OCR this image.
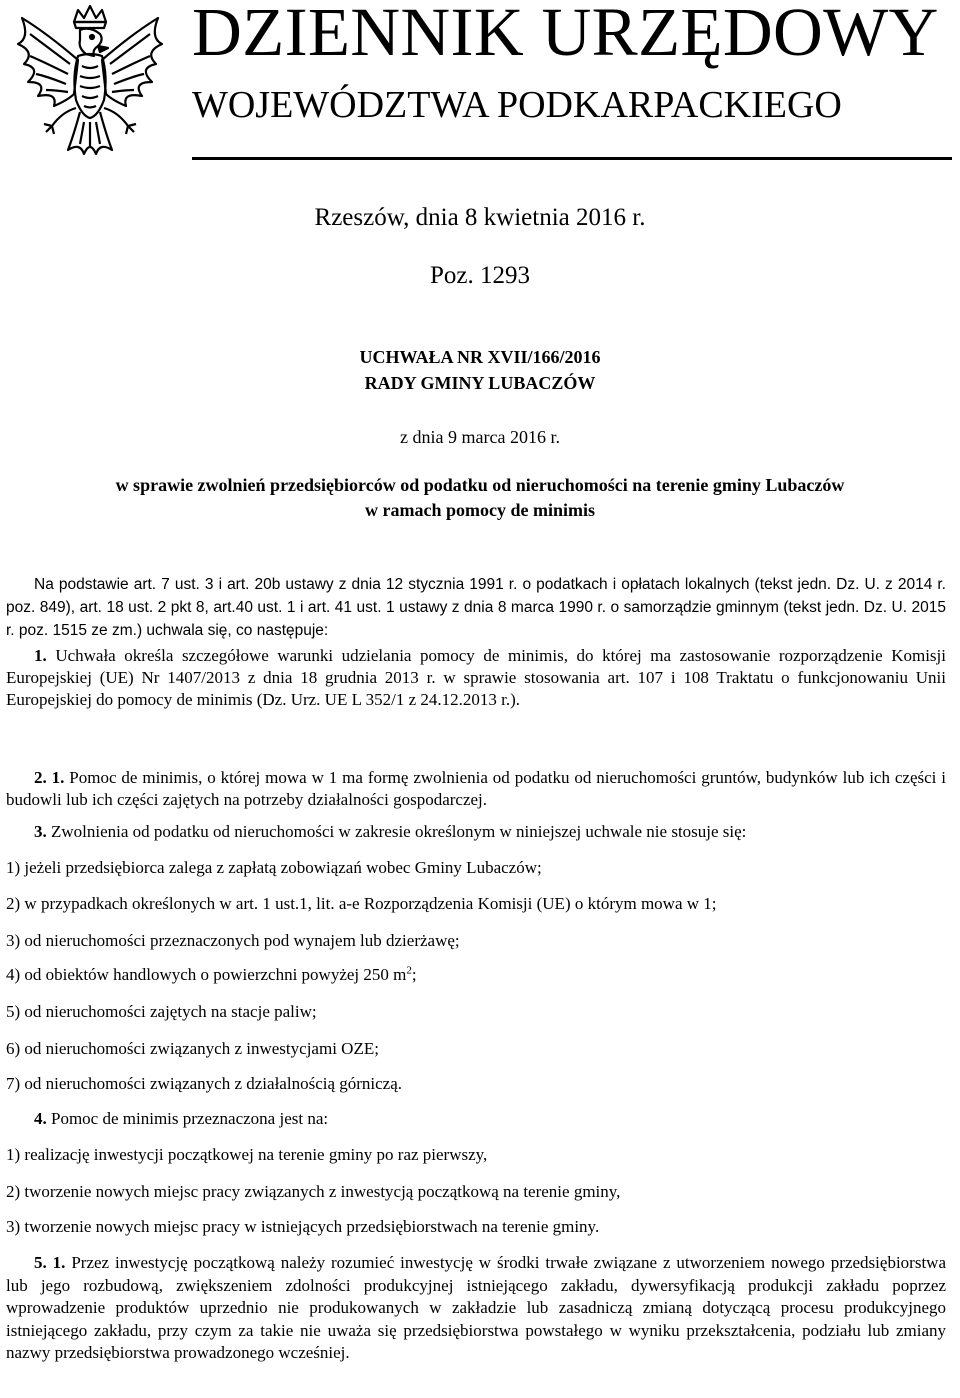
DZIENNIK URZĘDOWY
WOJEWÓDZTWA PODKARPACKIEGO
Rzeszów, dnia 8 kwietnia 2016 r.
Poz. 1293
UCHWAŁA NR XVII/166/2016
RADY GMINY LUBACZÓW
z dnia 9 marca 2016 r.
w sprawie zwolnień przedsiębiorców od podatku od nieruchomości na terenie gminy Lubaczów
w ramach pomocy de minimis
Na podstawie art. 7 ust. 3 i art. 20b ustawy z dnia 12 stycznia 1991 r. o podatkach i opłatach lokalnych (tekst jedn. Dz. U. z 2014 r. poz. 849), art. 18 ust. 2 pkt 8, art.40 ust. 1 i art. 41 ust. 1 ustawy z dnia 8 marca 1990 r. o samorządzie gminnym (tekst jedn. Dz. U. 2015 r. poz. 1515 ze zm.) uchwala się, co następuje:
1. Uchwała określa szczegółowe warunki udzielania pomocy de minimis, do której ma zastosowanie rozporządzenie Komisji Europejskiej (UE) Nr 1407/2013 z dnia 18 grudnia 2013 r. w sprawie stosowania art. 107 i 108 Traktatu o funkcjonowaniu Unii Europejskiej do pomocy de minimis (Dz. Urz. UE L 352/1 z 24.12.2013 r.).
2. 1. Pomoc de minimis, o której mowa w 1 ma formę zwolnienia od podatku od nieruchomości gruntów, budynków lub ich części i budowli lub ich części zajętych na potrzeby działalności gospodarczej.
3. Zwolnienia od podatku od nieruchomości w zakresie określonym w niniejszej uchwale nie stosuje się:
1) jeżeli przedsiębiorca zalega z zapłatą zobowiązań wobec Gminy Lubaczów;
2) w przypadkach określonych w art. 1 ust.1, lit. a-e Rozporządzenia Komisji (UE) o którym mowa w 1;
3) od nieruchomości przeznaczonych pod wynajem lub dzierżawę;
4) od obiektów handlowych o powierzchni powyżej 250 $m^2$;
5) od nieruchomości zajętych na stacje paliw;
6) od nieruchomości związanych z inwestycjami OZE;
7) od nieruchomości związanych z działalnością górniczą.
4. Pomoc de minimis przeznaczona jest na:
1) realizację inwestycji początkowej na terenie gminy po raz pierwszy,
2) tworzenie nowych miejsc pracy związanych z inwestycją początkową na terenie gminy,
3) tworzenie nowych miejsc pracy w istniejących przedsiębiorstwach na terenie gminy.
5. 1. Przez inwestycję początkową należy rozumieć inwestycję w środki trwałe związane z utworzeniem nowego przedsiębiorstwa lub jego rozbudową, zwiększeniem zdolności produkcyjnej istniejącego zakładu, dywersyfikacją produkcji zakładu poprzez wprowadzenie produktów uprzednio nie produkowanych w zakładzie lub zasadniczą zmianą dotyczącą procesu produkcyjnego istniejącego zakładu, przy czym za takie nie uważa się przedsiębiorstwa powstałego w wyniku przekształcenia, podziału lub zmiany nazwy przedsiębiorstwa prowadzonego wcześniej.
